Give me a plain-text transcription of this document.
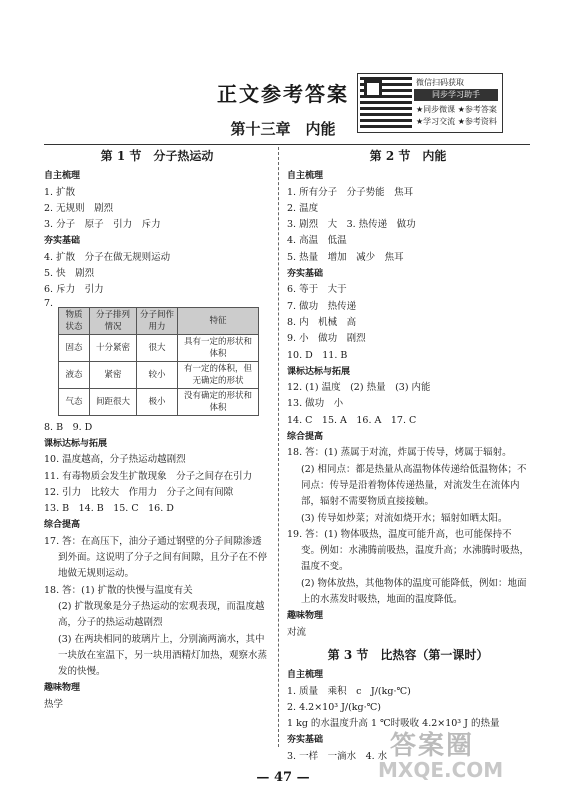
正文参考答案
第十三章　内能
微信扫码获取
同步学习助手
★同步微课 ★参考答案
★学习交流 ★参考资料
第 1 节　分子热运动
自主梳理
1. 扩散
2. 无规则　剧烈
3. 分子　原子　引力　斥力
夯实基础
4. 扩散　分子在做无规则运动
5. 快　剧烈
6. 斥力　引力
7.
物质状态	分子排列情况	分子间作用力	特征
固态	十分紧密	很大	具有一定的形状和体积
液态	紧密	较小	有一定的体积，但无确定的形状
气态	间距很大	极小	没有确定的形状和体积
8. B　9. D
课标达标与拓展
10. 温度越高，分子热运动越剧烈
11. 有毒物质会发生扩散现象　分子之间存在引力
12. 引力　比较大　作用力　分子之间有间隙
13. B　14. B　15. C　16. D
综合提高
17. 答：在高压下，油分子通过钢壁的分子间隙渗透到外面。这说明了分子之间有间隙，且分子在不停地做无规则运动。
18. 答：(1) 扩散的快慢与温度有关
(2) 扩散现象是分子热运动的宏观表现，而温度越高，分子的热运动越剧烈
(3) 在两块相同的玻璃片上，分别滴两滴水，其中一块放在室温下，另一块用酒精灯加热，观察水蒸发的快慢。
趣味物理
热学
第 2 节　内能
自主梳理
1. 所有分子　分子势能　焦耳
2. 温度
3. 剧烈　大　3. 热传递　做功
4. 高温　低温
5. 热量　增加　减少　焦耳
夯实基础
6. 等于　大于
7. 做功　热传递
8. 内　机械　高
9. 小　做功　剧烈
10. D　11. B
课标达标与拓展
12. (1) 温度　(2) 热量　(3) 内能
13. 做功　小
14. C　15. A　16. A　17. C
综合提高
18. 答：(1) 蒸属于对流，炸属于传导，烤属于辐射。
(2) 相同点：都是热量从高温物体传递给低温物体；不同点：传导是沿着物体传递热量，对流发生在流体内部，辐射不需要物质直接接触。
(3) 传导如炒菜；对流如烧开水；辐射如晒太阳。
19. 答：(1) 物体吸热，温度可能升高，也可能保持不变。例如：水沸腾前吸热，温度升高；水沸腾时吸热，温度不变。
(2) 物体放热，其他物体的温度可能降低，例如：地面上的水蒸发时吸热，地面的温度降低。
趣味物理
对流
第 3 节　比热容（第一课时）
自主梳理
1. 质量　乘积　c　J/(kg·℃)
2. 4.2×10³ J/(kg·℃)
1 kg 的水温度升高 1 ℃时吸收 4.2×10³ J 的热量
夯实基础
3. 一样　一滴水　4. 水 答案圈
MXQE.COM
— 47 —
